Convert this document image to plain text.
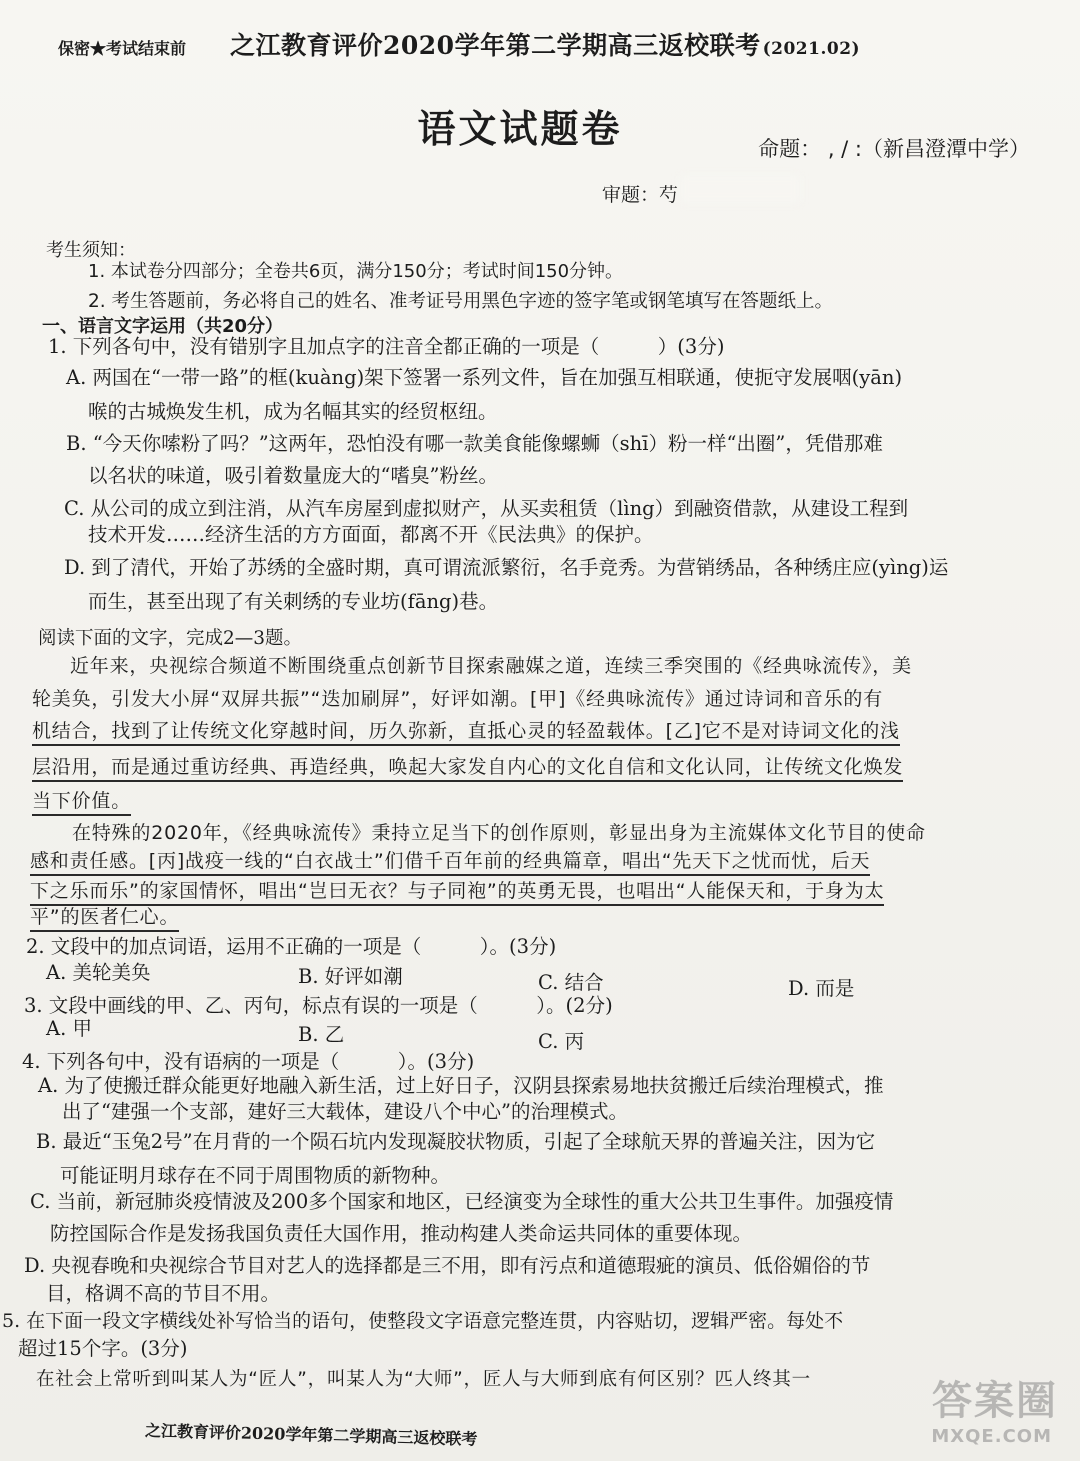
保密★考试结束前 之江教育评价2020学年第二学期高三返校联考 (2021.02)
语文试题卷	命题： , / :（新昌澄潭中学）
审题：芍
考生须知：
1. 本试卷分四部分；全卷共6页，满分150分；考试时间150分钟。
2. 考生答题前，务必将自己的姓名、准考证号用黑色字迹的签字笔或钢笔填写在答题纸上。
一、语言文字运用（共20分）
1. 下列各句中，没有错别字且加点字的注音全都正确的一项是（　　　）(3分)
A. 两国在“一带一路”的框(kuàng)架下签署一系列文件，旨在加强互相联通，使扼守发展咽(yān)
喉的古城焕发生机，成为名幅其实的经贸枢纽。
B. “今天你嗦粉了吗？”这两年，恐怕没有哪一款美食能像螺蛳（shī）粉一样“出圈”，凭借那难
以名状的味道，吸引着数量庞大的“嗜臭”粉丝。
C. 从公司的成立到注消，从汽车房屋到虚拟财产，从买卖租赁（lìng）到融资借款，从建设工程到
技术开发……经济生活的方方面面，都离不开《民法典》的保护。
D. 到了清代，开始了苏绣的全盛时期，真可谓流派繁衍，名手竞秀。为营销绣品，各种绣庄应(yìng)运
而生，甚至出现了有关刺绣的专业坊(fāng)巷。
阅读下面的文字，完成2—3题。
近年来，央视综合频道不断围绕重点创新节目探索融媒之道，连续三季突围的《经典咏流传》，美
轮美奂，引发大小屏“双屏共振”“迭加刷屏”，好评如潮。[甲]《经典咏流传》通过诗词和音乐的有
机结合，找到了让传统文化穿越时间，历久弥新，直抵心灵的轻盈载体。[乙]它不是对诗词文化的浅
层沿用，而是通过重访经典、再造经典，唤起大家发自内心的文化自信和文化认同，让传统文化焕发
当下价值。
在特殊的2020年，《经典咏流传》秉持立足当下的创作原则，彰显出身为主流媒体文化节目的使命
感和责任感。[丙]战疫一线的“白衣战士”们借千百年前的经典篇章，唱出“先天下之忧而忧，后天
下之乐而乐”的家国情怀，唱出“岂曰无衣？与子同袍”的英勇无畏，也唱出“人能保天和，于身为太
平”的医者仁心。
2. 文段中的加点词语，运用不正确的一项是（　　　）。(3分)
A. 美轮美奂	B. 好评如潮	C. 结合	D. 而是
3. 文段中画线的甲、乙、丙句，标点有误的一项是（　　　）。(2分)
A. 甲	B. 乙	C. 丙
4. 下列各句中，没有语病的一项是（　　　）。(3分)
A. 为了使搬迁群众能更好地融入新生活，过上好日子，汉阴县探索易地扶贫搬迁后续治理模式，推
出了“建强一个支部，建好三大载体，建设八个中心”的治理模式。
B. 最近“玉兔2号”在月背的一个陨石坑内发现凝胶状物质，引起了全球航天界的普遍关注，因为它
可能证明月球存在不同于周围物质的新物种。
C. 当前，新冠肺炎疫情波及200多个国家和地区，已经演变为全球性的重大公共卫生事件。加强疫情
防控国际合作是发扬我国负责任大国作用，推动构建人类命运共同体的重要体现。
D. 央视春晚和央视综合节目对艺人的选择都是三不用，即有污点和道德瑕疵的演员、低俗媚俗的节
目，格调不高的节目不用。
5. 在下面一段文字横线处补写恰当的语句，使整段文字语意完整连贯，内容贴切，逻辑严密。每处不
超过15个字。(3分)
在社会上常听到叫某人为“匠人”，叫某人为“大师”，匠人与大师到底有何区别？匹人终其一
之江教育评价2020学年第二学期高三返校联考
答案圈
MXQE.COM
